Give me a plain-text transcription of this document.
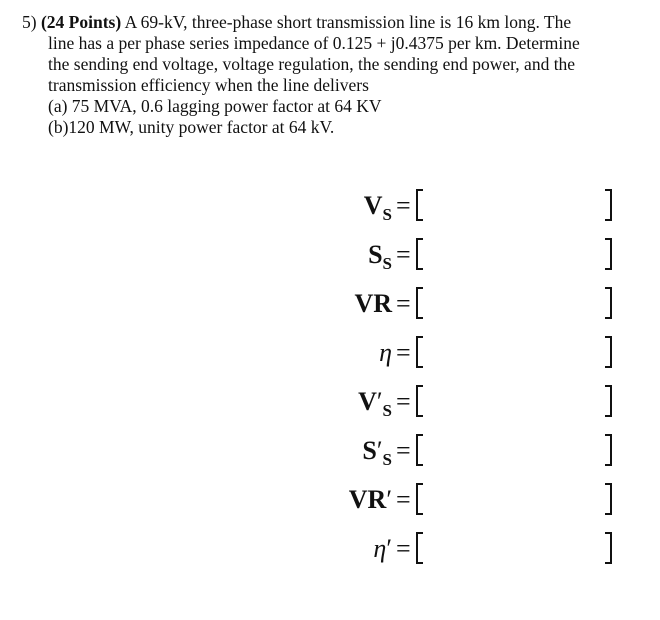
5) (24 Points) A 69-kV, three-phase short transmission line is 16 km long. The
line has a per phase series impedance of 0.125 + j0.4375 per km. Determine
the sending end voltage, voltage regulation, the sending end power, and the
transmission efficiency when the line delivers
(a) 75 MVA, 0.6 lagging power factor at 64 KV
(b)120 MW, unity power factor at 64 kV.
$V_S$ =
$S_S$ =
VR =
η =
$V'_S$ =
$S'_S$ =
VR′ =
η′ =
